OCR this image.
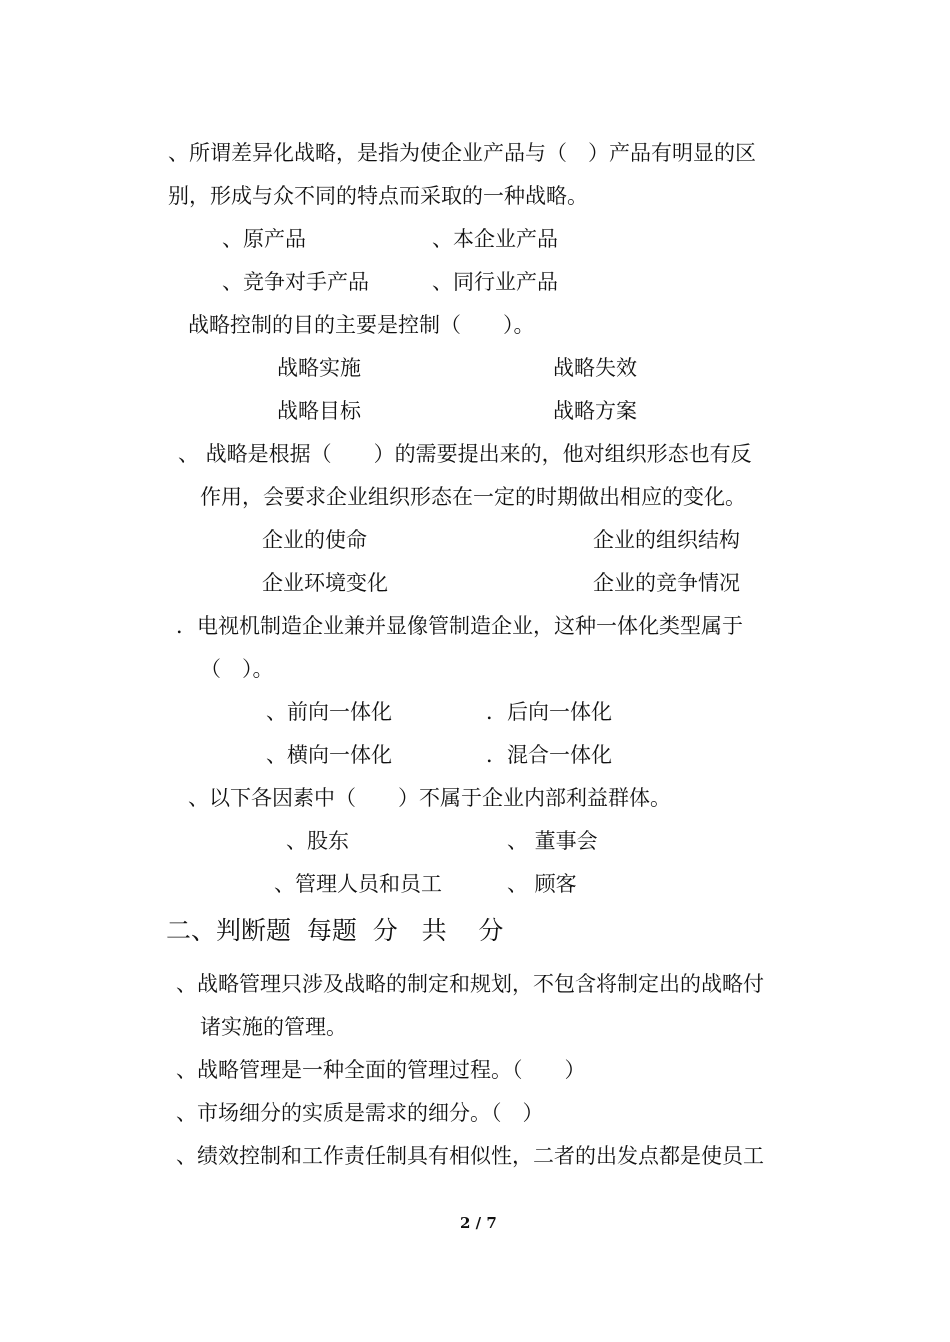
、所谓差异化战略，是指为使企业产品与（　）产品有明显的区
别，形成与众不同的特点而采取的一种战略。
、原产品	、本企业产品
、竞争对手产品	、同行业产品
战略控制的目的主要是控制（　　）。
战略实施	战略失效
战略目标	战略方案
、 战略是根据（　　）的需要提出来的，他对组织形态也有反
作用，会要求企业组织形态在一定的时期做出相应的变化。
企业的使命	企业的组织结构
企业环境变化	企业的竞争情况
．电视机制造企业兼并显像管制造企业，这种一体化类型属于
（　）。
、前向一体化	．后向一体化
、横向一体化	．混合一体化
、以下各因素中（　　）不属于企业内部利益群体。
、股东	、 董事会
、管理人员和员工	、 顾客
二、判断题  每题  分   共    分
、战略管理只涉及战略的制定和规划，不包含将制定出的战略付
诸实施的管理。
、战略管理是一种全面的管理过程。（　　）
、市场细分的实质是需求的细分。（　）
、绩效控制和工作责任制具有相似性，二者的出发点都是使员工
2 / 7
